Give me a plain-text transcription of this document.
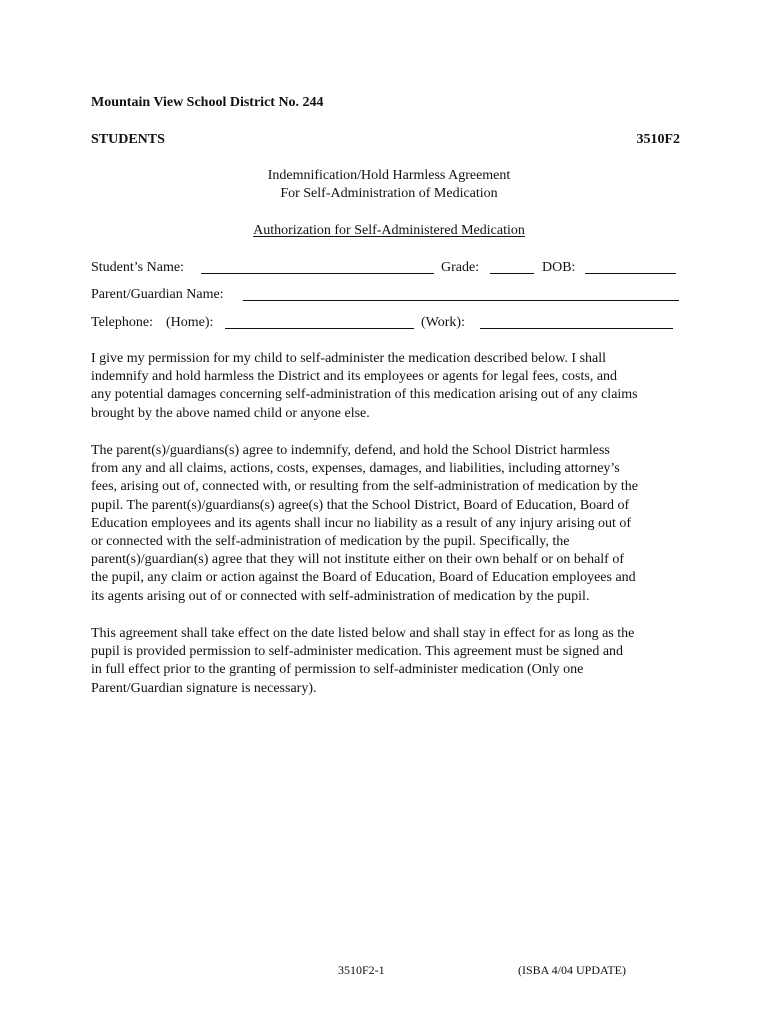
Mountain View School District No. 244
STUDENTS	3510F2
Indemnification/Hold Harmless Agreement
For Self-Administration of Medication
Authorization for Self-Administered Medication
Student’s Name:	Grade:	DOB:
Parent/Guardian Name:
Telephone: (Home):	(Work):
I give my permission for my child to self-administer the medication described below. I shall
indemnify and hold harmless the District and its employees or agents for legal fees, costs, and
any potential damages concerning self-administration of this medication arising out of any claims
brought by the above named child or anyone else.
The parent(s)/guardians(s) agree to indemnify, defend, and hold the School District harmless
from any and all claims, actions, costs, expenses, damages, and liabilities, including attorney’s
fees, arising out of, connected with, or resulting from the self-administration of medication by the
pupil. The parent(s)/guardians(s) agree(s) that the School District, Board of Education, Board of
Education employees and its agents shall incur no liability as a result of any injury arising out of
or connected with the self-administration of medication by the pupil. Specifically, the
parent(s)/guardian(s) agree that they will not institute either on their own behalf or on behalf of
the pupil, any claim or action against the Board of Education, Board of Education employees and
its agents arising out of or connected with self-administration of medication by the pupil.
This agreement shall take effect on the date listed below and shall stay in effect for as long as the
pupil is provided permission to self-administer medication. This agreement must be signed and
in full effect prior to the granting of permission to self-administer medication (Only one
Parent/Guardian signature is necessary).
3510F2-1	(ISBA 4/04 UPDATE)
